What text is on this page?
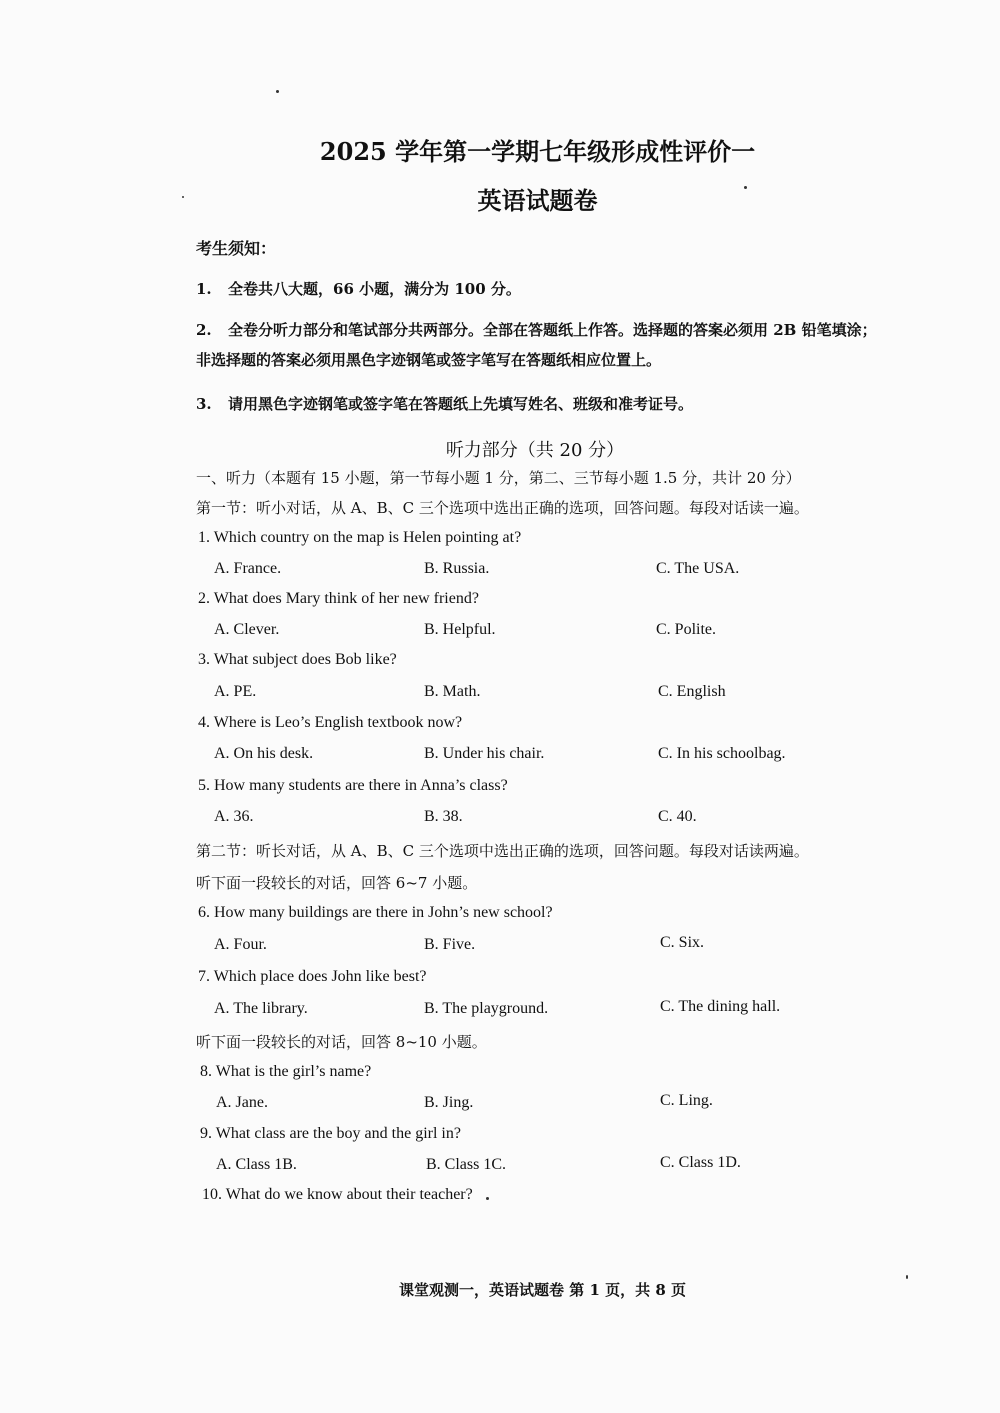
2025 学年第一学期七年级形成性评价一
英语试题卷
考生须知：
1. 全卷共八大题，66 小题，满分为 100 分。
2. 全卷分听力部分和笔试部分共两部分。全部在答题纸上作答。选择题的答案必须用 2B 铅笔填涂；非选择题的答案必须用黑色字迹钢笔或签字笔写在答题纸相应位置上。
3. 请用黑色字迹钢笔或签字笔在答题纸上先填写姓名、班级和准考证号。
听力部分（共 20 分）
一、听力（本题有 15 小题，第一节每小题 1 分，第二、三节每小题 1.5 分，共计 20 分）
第一节：听小对话，从 A、B、C 三个选项中选出正确的选项，回答问题。每段对话读一遍。
1. Which country on the map is Helen pointing at?
A. France.	B. Russia.	C. The USA.
2. What does Mary think of her new friend?
A. Clever.	B. Helpful.	C. Polite.
3. What subject does Bob like?
A. PE.	B. Math.	C. English
4. Where is Leo’s English textbook now?
A. On his desk.	B. Under his chair.	C. In his schoolbag.
5. How many students are there in Anna’s class?
A. 36.	B. 38.	C. 40.
第二节：听长对话，从 A、B、C 三个选项中选出正确的选项，回答问题。每段对话读两遍。
听下面一段较长的对话，回答 6~7 小题。
6. How many buildings are there in John’s new school?
A. Four.	B. Five.	C. Six.
7. Which place does John like best?
A. The library.	B. The playground.	C. The dining hall.
听下面一段较长的对话，回答 8~10 小题。
8. What is the girl’s name?
A. Jane.	B. Jing.	C. Ling.
9. What class are the boy and the girl in?
A. Class 1B.	B. Class 1C.	C. Class 1D.
10. What do we know about their teacher?
课堂观测一，英语试题卷 第 1 页，共 8 页
